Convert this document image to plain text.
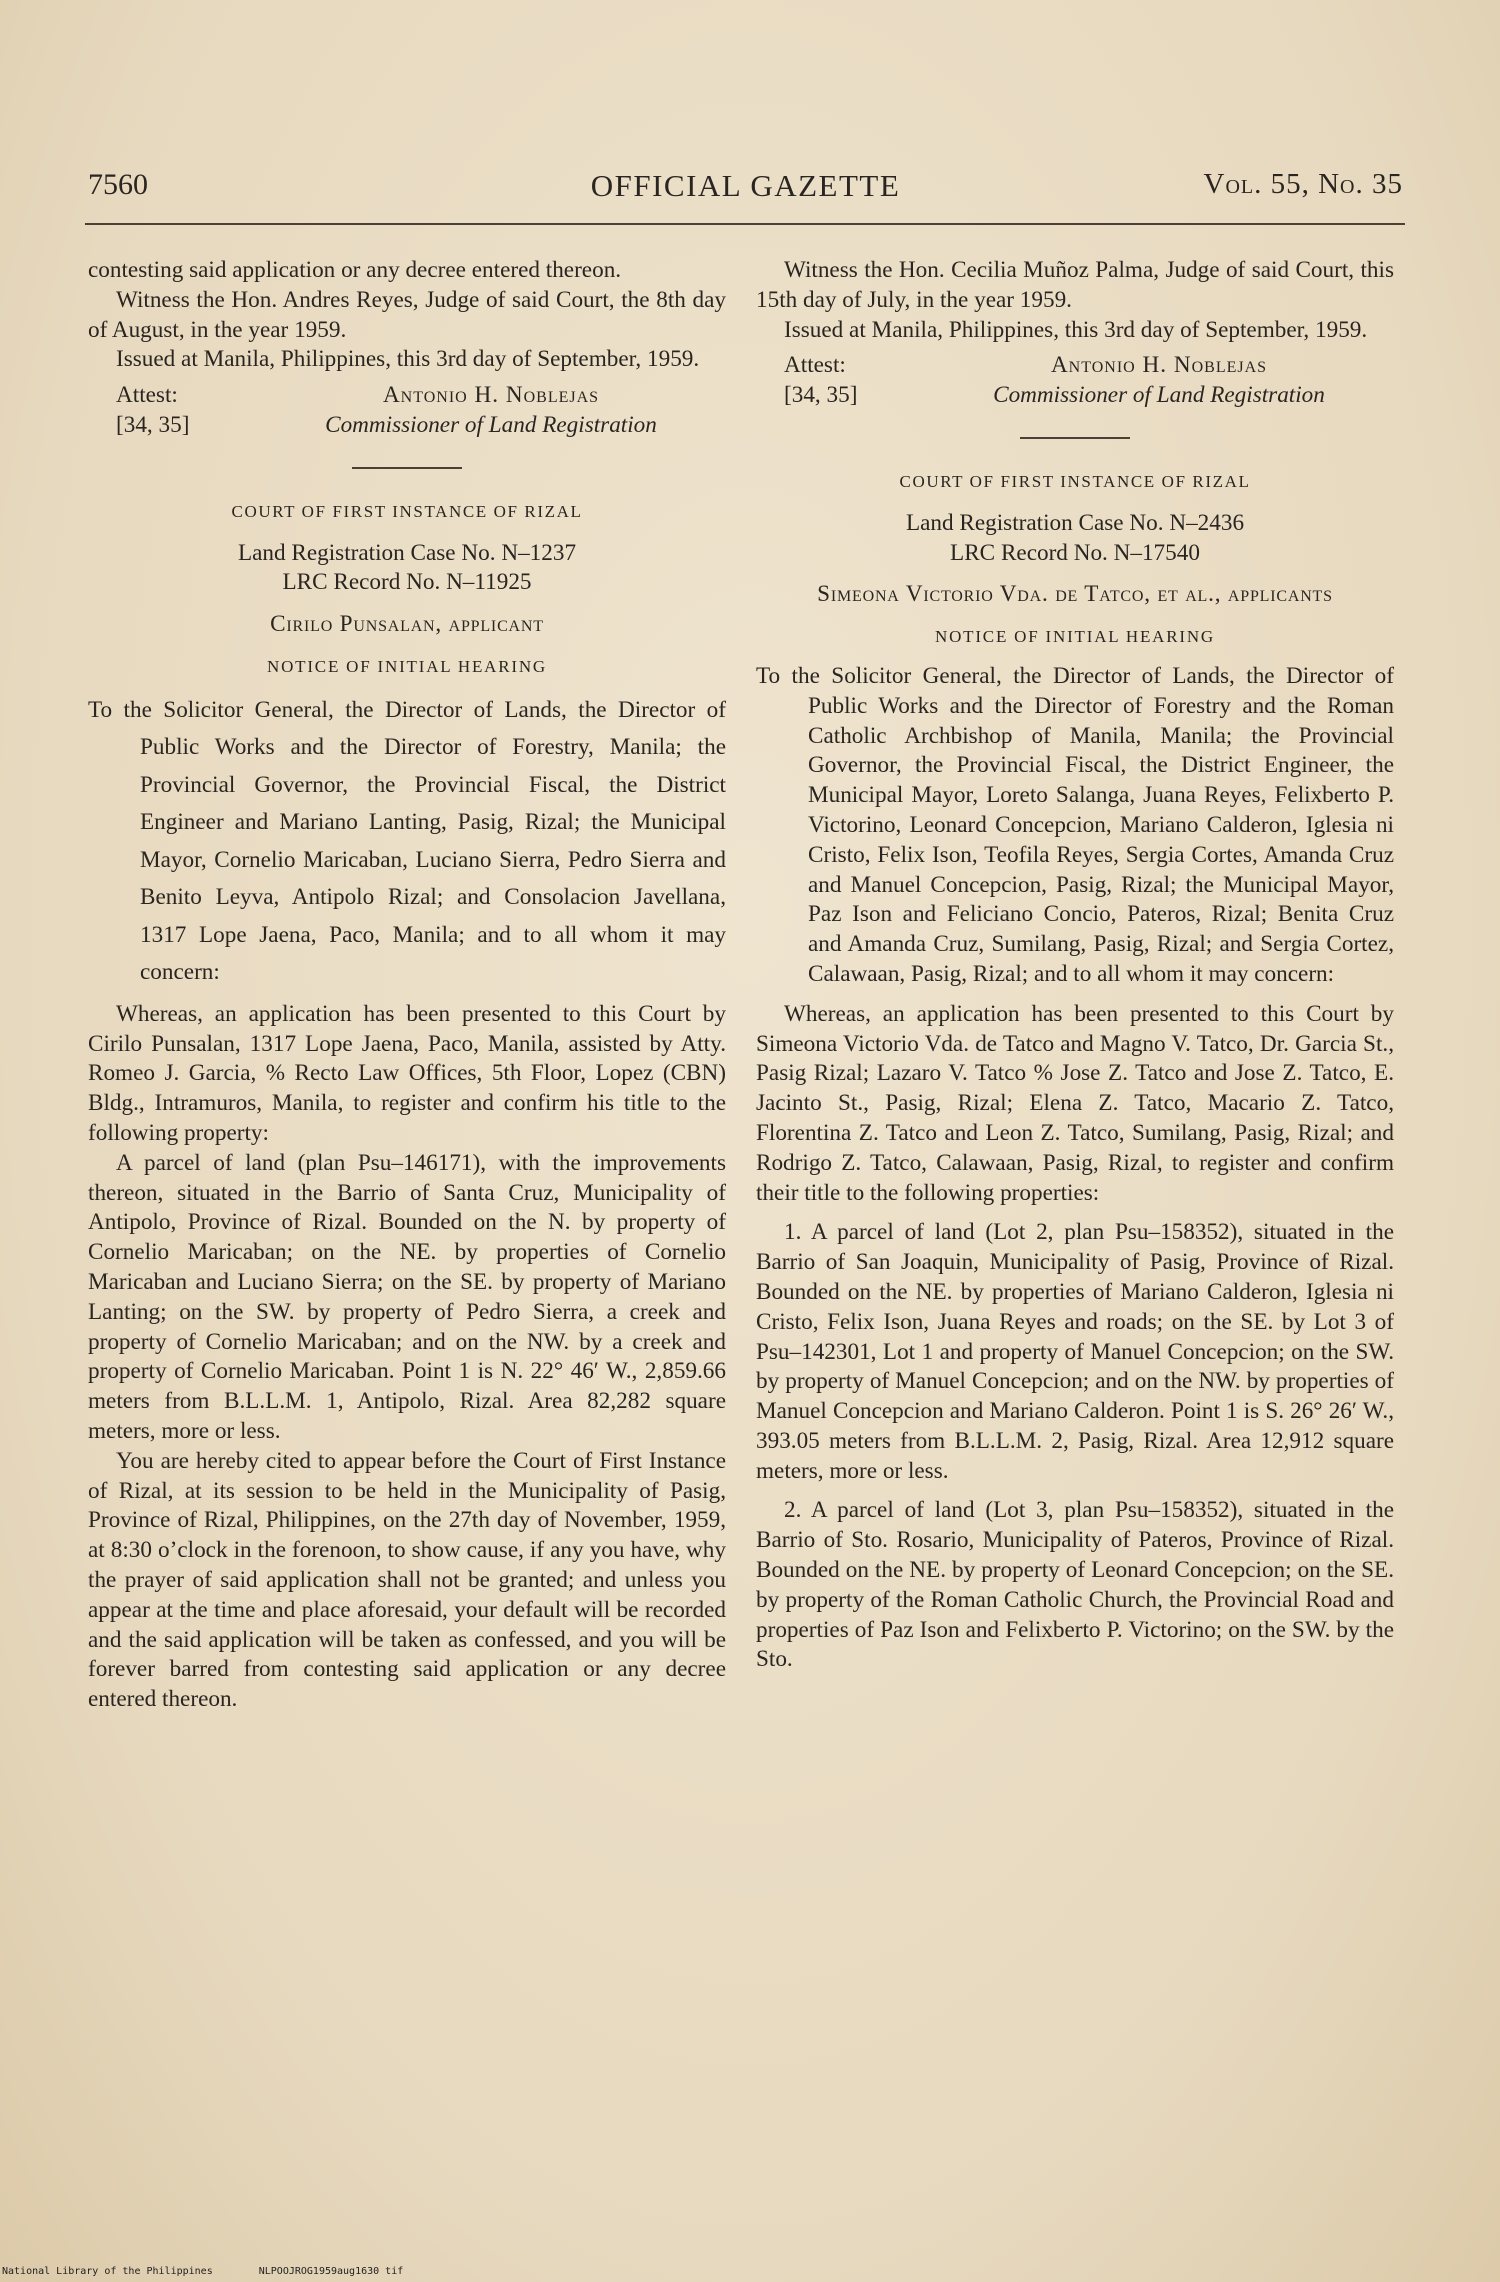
7560	OFFICIAL GAZETTE	Vol. 55, No. 35

contesting said application or any decree entered thereon.

Witness the Hon. Andres Reyes, Judge of said Court, the 8th day of August, in the year 1959.

Issued at Manila, Philippines, this 3rd day of September, 1959.

Attest:	Antonio H. Noblejas
[34, 35]	Commissioner of Land Registration
COURT OF FIRST INSTANCE OF RIZAL
Land Registration Case No. N–1237
LRC Record No. N–11925
Cirilo Punsalan, applicant
NOTICE OF INITIAL HEARING

To the Solicitor General, the Director of Lands, the Director of Public Works and the Director of Forestry, Manila; the Provincial Governor, the Provincial Fiscal, the District Engineer and Mariano Lanting, Pasig, Rizal; the Municipal Mayor, Cornelio Maricaban, Luciano Sierra, Pedro Sierra and Benito Leyva, Antipolo Rizal; and Consolacion Javellana, 1317 Lope Jaena, Paco, Manila; and to all whom it may concern:

Whereas, an application has been presented to this Court by Cirilo Punsalan, 1317 Lope Jaena, Paco, Manila, assisted by Atty. Romeo J. Garcia, % Recto Law Offices, 5th Floor, Lopez (CBN) Bldg., Intramuros, Manila, to register and confirm his title to the following property:

A parcel of land (plan Psu–146171), with the improvements thereon, situated in the Barrio of Santa Cruz, Municipality of Antipolo, Province of Rizal. Bounded on the N. by property of Cornelio Maricaban; on the NE. by properties of Cornelio Maricaban and Luciano Sierra; on the SE. by property of Mariano Lanting; on the SW. by property of Pedro Sierra, a creek and property of Cornelio Maricaban; and on the NW. by a creek and property of Cornelio Maricaban. Point 1 is N. 22° 46′ W., 2,859.66 meters from B.L.L.M. 1, Antipolo, Rizal. Area 82,282 square meters, more or less.

You are hereby cited to appear before the Court of First Instance of Rizal, at its session to be held in the Municipality of Pasig, Province of Rizal, Philippines, on the 27th day of November, 1959, at 8:30 o’clock in the forenoon, to show cause, if any you have, why the prayer of said application shall not be granted; and unless you appear at the time and place aforesaid, your default will be recorded and the said application will be taken as confessed, and you will be forever barred from contesting said application or any decree entered thereon.

Witness the Hon. Cecilia Muñoz Palma, Judge of said Court, this 15th day of July, in the year 1959.

Issued at Manila, Philippines, this 3rd day of September, 1959.

Attest:	Antonio H. Noblejas
[34, 35]	Commissioner of Land Registration
COURT OF FIRST INSTANCE OF RIZAL
Land Registration Case No. N–2436
LRC Record No. N–17540
Simeona Victorio Vda. de Tatco, et al., applicants
NOTICE OF INITIAL HEARING

To the Solicitor General, the Director of Lands, the Director of Public Works and the Director of Forestry and the Roman Catholic Archbishop of Manila, Manila; the Provincial Governor, the Provincial Fiscal, the District Engineer, the Municipal Mayor, Loreto Salanga, Juana Reyes, Felixberto P. Victorino, Leonard Concepcion, Mariano Calderon, Iglesia ni Cristo, Felix Ison, Teofila Reyes, Sergia Cortes, Amanda Cruz and Manuel Concepcion, Pasig, Rizal; the Municipal Mayor, Paz Ison and Feliciano Concio, Pateros, Rizal; Benita Cruz and Amanda Cruz, Sumilang, Pasig, Rizal; and Sergia Cortez, Calawaan, Pasig, Rizal; and to all whom it may concern:

Whereas, an application has been presented to this Court by Simeona Victorio Vda. de Tatco and Magno V. Tatco, Dr. Garcia St., Pasig Rizal; Lazaro V. Tatco % Jose Z. Tatco and Jose Z. Tatco, E. Jacinto St., Pasig, Rizal; Elena Z. Tatco, Macario Z. Tatco, Florentina Z. Tatco and Leon Z. Tatco, Sumilang, Pasig, Rizal; and Rodrigo Z. Tatco, Calawaan, Pasig, Rizal, to register and confirm their title to the following properties:

1. A parcel of land (Lot 2, plan Psu–158352), situated in the Barrio of San Joaquin, Municipality of Pasig, Province of Rizal. Bounded on the NE. by properties of Mariano Calderon, Iglesia ni Cristo, Felix Ison, Juana Reyes and roads; on the SE. by Lot 3 of Psu–142301, Lot 1 and property of Manuel Concepcion; on the SW. by property of Manuel Concepcion; and on the NW. by properties of Manuel Concepcion and Mariano Calderon. Point 1 is S. 26° 26′ W., 393.05 meters from B.L.L.M. 2, Pasig, Rizal. Area 12,912 square meters, more or less.

2. A parcel of land (Lot 3, plan Psu–158352), situated in the Barrio of Sto. Rosario, Municipality of Pateros, Province of Rizal. Bounded on the NE. by property of Leonard Concepcion; on the SE. by property of the Roman Catholic Church, the Provincial Road and properties of Paz Ison and Felixberto P. Victorino; on the SW. by the Sto.

National Library of the Philippines	NLPOOJROG1959aug1630 tif
